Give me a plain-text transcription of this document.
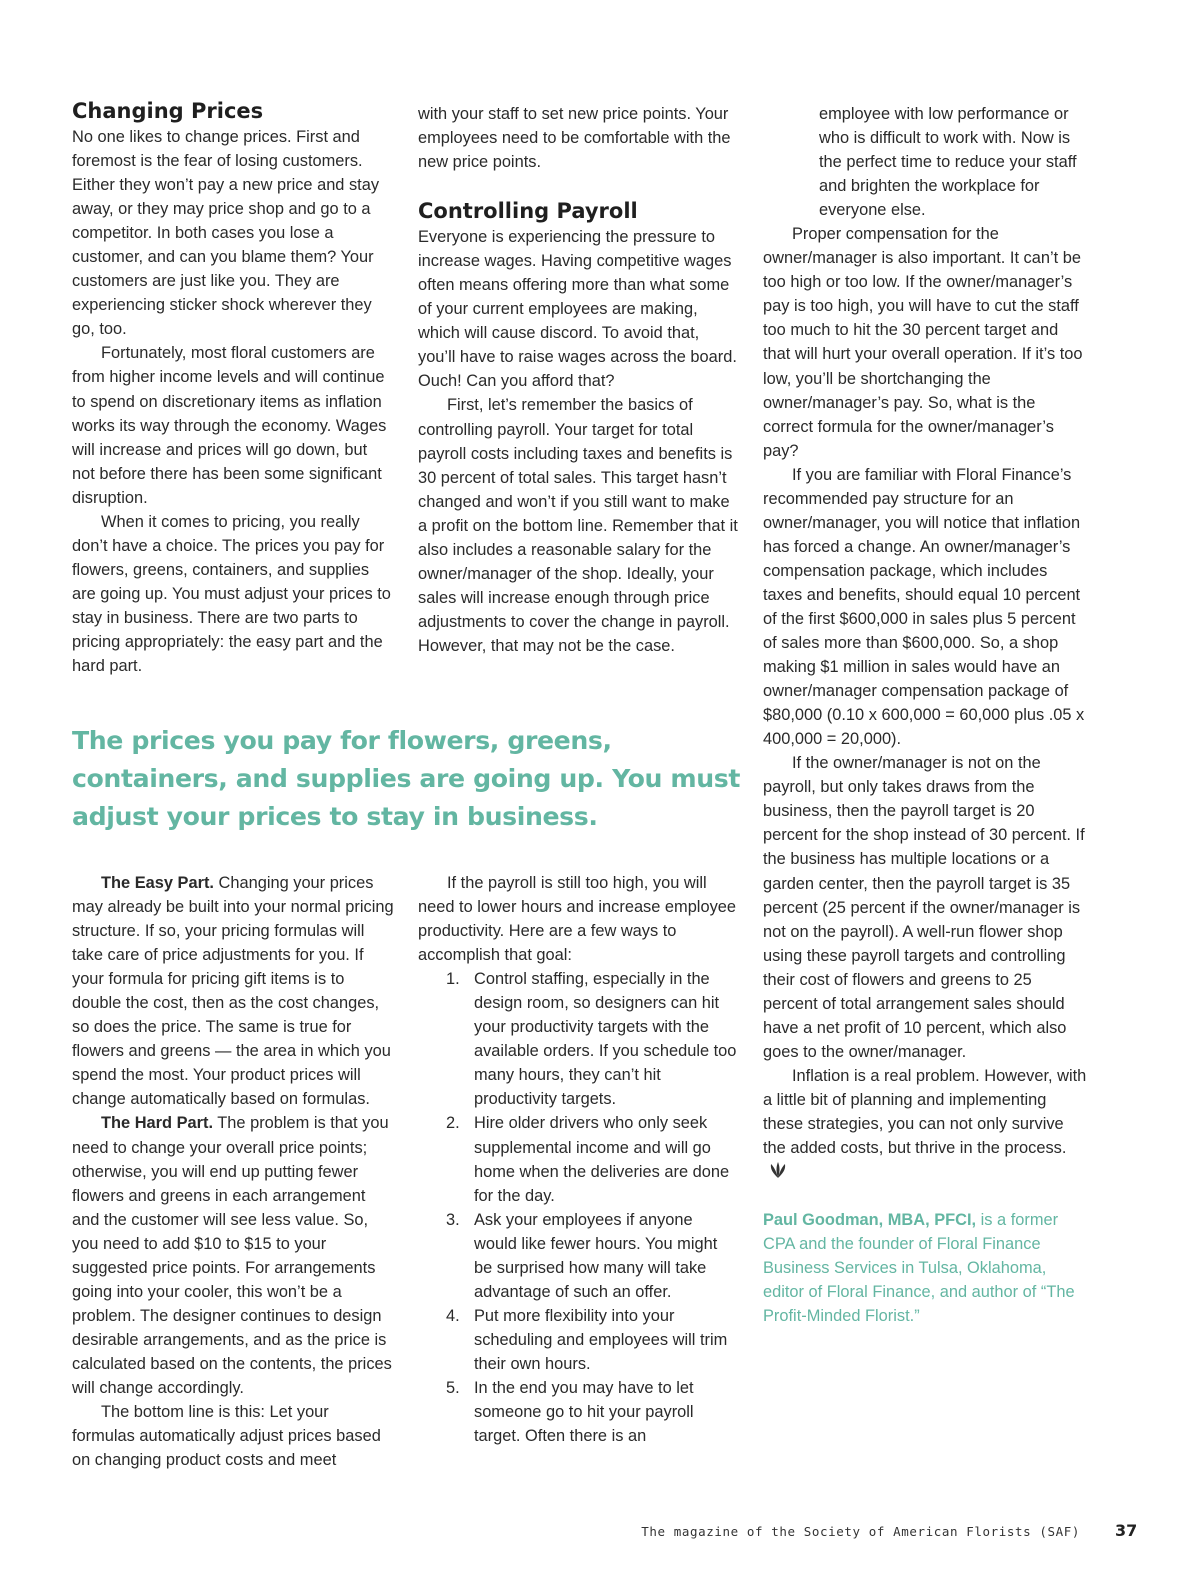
Changing Prices

No one likes to change prices. First and foremost is the fear of losing customers. Either they won’t pay a new price and stay away, or they may price shop and go to a competitor. In both cases you lose a customer, and can you blame them? Your customers are just like you. They are experiencing sticker shock wherever they go, too.

Fortunately, most floral customers are from higher income levels and will continue to spend on discretionary items as inflation works its way through the economy. Wages will increase and prices will go down, but not before there has been some significant disruption.

When it comes to pricing, you really don’t have a choice. The prices you pay for flowers, greens, containers, and supplies are going up. You must adjust your prices to stay in business. There are two parts to pricing appropriately: the easy part and the hard part.

with your staff to set new price points. Your employees need to be comfortable with the new price points.

Controlling Payroll

Everyone is experiencing the pressure to increase wages. Having competitive wages often means offering more than what some of your current employees are making, which will cause discord. To avoid that, you’ll have to raise wages across the board. Ouch! Can you afford that?

First, let’s remember the basics of controlling payroll. Your target for total payroll costs including taxes and benefits is 30 percent of total sales. This target hasn’t changed and won’t if you still want to make a profit on the bottom line. Remember that it also includes a reasonable salary for the owner/manager of the shop. Ideally, your sales will increase enough through price adjustments to cover the change in payroll. However, that may not be the case.

The prices you pay for flowers, greens, containers, and supplies are going up. You must adjust your prices to stay in business.

The Easy Part. Changing your prices may already be built into your normal pricing structure. If so, your pricing formulas will take care of price adjustments for you. If your formula for pricing gift items is to double the cost, then as the cost changes, so does the price. The same is true for flowers and greens — the area in which you spend the most. Your product prices will change automatically based on formulas.

The Hard Part. The problem is that you need to change your overall price points; otherwise, you will end up putting fewer flowers and greens in each arrangement and the customer will see less value. So, you need to add $10 to $15 to your suggested price points. For arrangements going into your cooler, this won’t be a problem. The designer continues to design desirable arrangements, and as the price is calculated based on the contents, the prices will change accordingly.

The bottom line is this: Let your formulas automatically adjust prices based on changing product costs and meet

If the payroll is still too high, you will need to lower hours and increase employee productivity. Here are a few ways to accomplish that goal:

1. Control staffing, especially in the design room, so designers can hit your productivity targets with the available orders. If you schedule too many hours, they can’t hit productivity targets.
2. Hire older drivers who only seek supplemental income and will go home when the deliveries are done for the day.
3. Ask your employees if anyone would like fewer hours. You might be surprised how many will take advantage of such an offer.
4. Put more flexibility into your scheduling and employees will trim their own hours.
5. In the end you may have to let someone go to hit your payroll target. Often there is an

employee with low performance or who is difficult to work with. Now is the perfect time to reduce your staff and brighten the workplace for everyone else.

Proper compensation for the owner/manager is also important. It can’t be too high or too low. If the owner/manager’s pay is too high, you will have to cut the staff too much to hit the 30 percent target and that will hurt your overall operation. If it’s too low, you’ll be shortchanging the owner/manager’s pay. So, what is the correct formula for the owner/manager’s pay?

If you are familiar with Floral Finance’s recommended pay structure for an owner/manager, you will notice that inflation has forced a change. An owner/manager’s compensation package, which includes taxes and benefits, should equal 10 percent of the first $600,000 in sales plus 5 percent of sales more than $600,000. So, a shop making $1 million in sales would have an owner/manager compensation package of $80,000 (0.10 x 600,000 = 60,000 plus .05 x 400,000 = 20,000).

If the owner/manager is not on the payroll, but only takes draws from the business, then the payroll target is 20 percent for the shop instead of 30 percent. If the business has multiple locations or a garden center, then the payroll target is 35 percent (25 percent if the owner/manager is not on the payroll). A well-run flower shop using these payroll targets and controlling their cost of flowers and greens to 25 percent of total arrangement sales should have a net profit of 10 percent, which also goes to the owner/manager.

Inflation is a real problem. However, with a little bit of planning and implementing these strategies, you can not only survive the added costs, but thrive in the process.

Paul Goodman, MBA, PFCI, is a former CPA and the founder of Floral Finance Business Services in Tulsa, Oklahoma, editor of Floral Finance, and author of “The Profit-Minded Florist.”

The magazine of the Society of American Florists (SAF) 37
